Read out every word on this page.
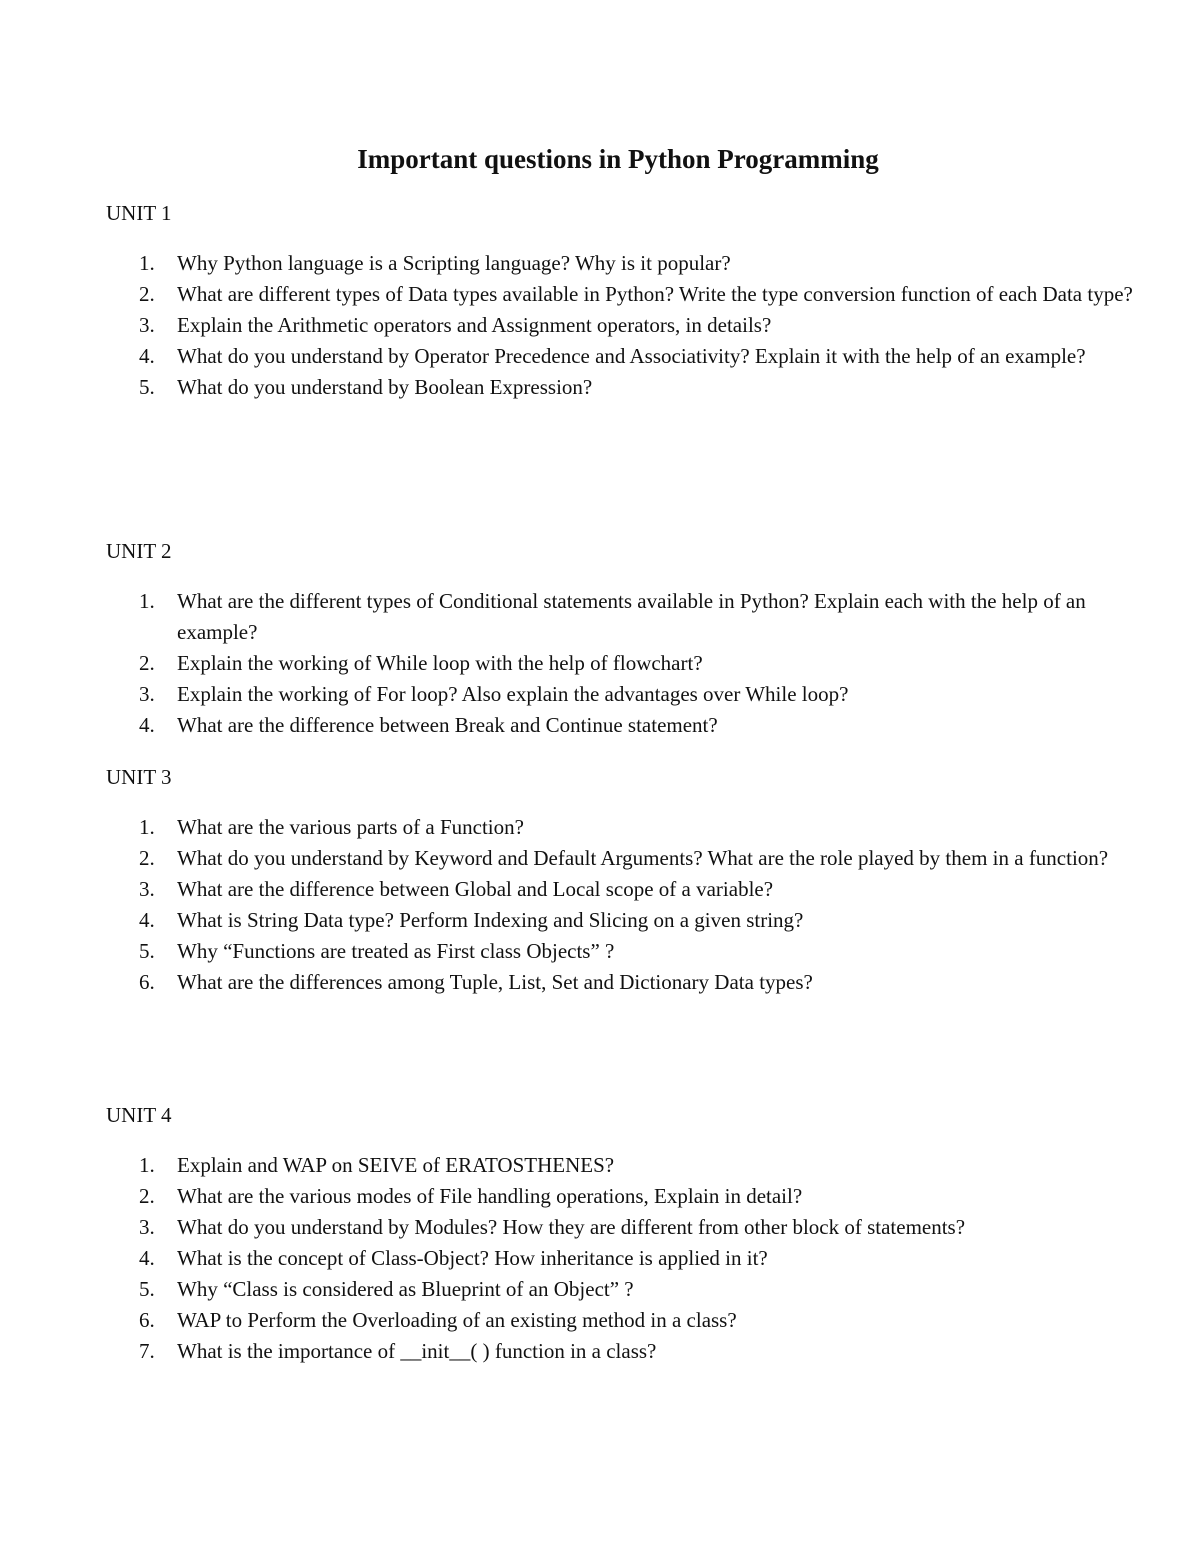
Important questions in Python Programming
UNIT 1
1.	Why Python language is a Scripting language? Why is it popular?
2.	What are different types of Data types available in Python? Write the type conversion function of each Data type?
3.	Explain the Arithmetic operators and Assignment operators, in details?
4.	What do you understand by Operator Precedence and Associativity? Explain it with the help of an example?
5.	What do you understand by Boolean Expression?
UNIT 2
1.	What are the different types of Conditional statements available in Python? Explain each with the help of an example?
2.	Explain the working of While loop with the help of flowchart?
3.	Explain the working of For loop? Also explain the advantages over While loop?
4.	What are the difference between Break and Continue statement?
UNIT 3
1.	What are the various parts of a Function?
2.	What do you understand by Keyword and Default Arguments? What are the role played by them in a function?
3.	What are the difference between Global and Local scope of a variable?
4.	What is String Data type? Perform Indexing and Slicing on a given string?
5.	Why “Functions are treated as First class Objects” ?
6.	What are the differences among Tuple, List, Set and Dictionary Data types?
UNIT 4
1.	Explain and WAP on SEIVE of ERATOSTHENES?
2.	What are the various modes of File handling operations, Explain in detail?
3.	What do you understand by Modules? How they are different from other block of statements?
4.	What is the concept of Class-Object? How inheritance is applied in it?
5.	Why “Class is considered as Blueprint of an Object” ?
6.	WAP to Perform the Overloading of an existing method in a class?
7.	What is the importance of __init__( ) function in a class?
